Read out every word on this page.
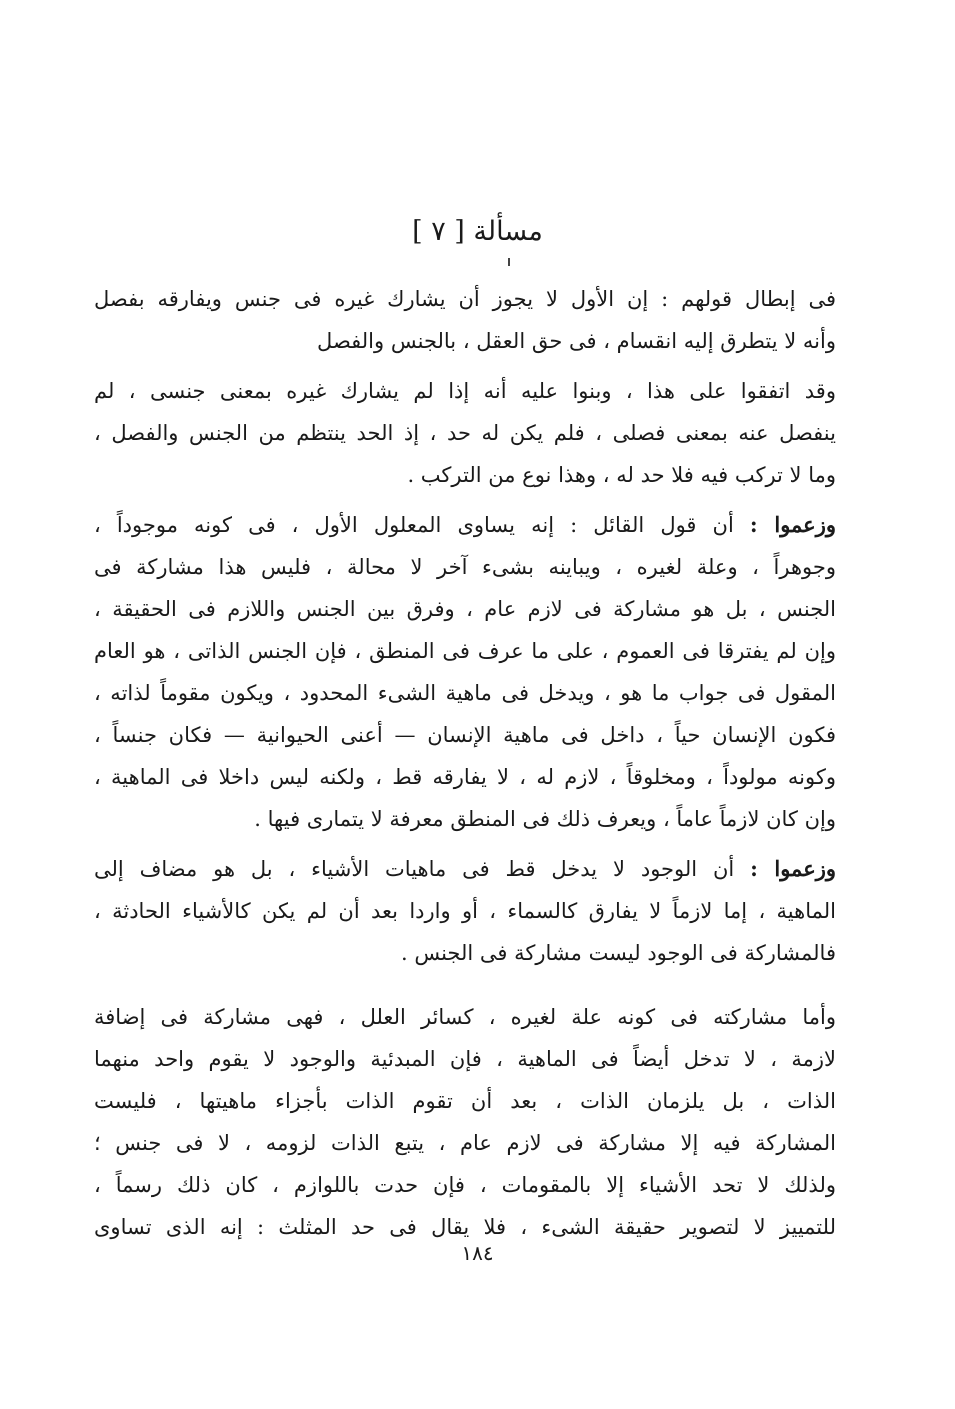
مسألة [ ٧ ]
فى إبطال قولهم : إن الأول لا يجوز أن يشارك غيره فى جنس ويفارقه بفصل
وأنه لا يتطرق إليه انقسام ، فى حق العقل ، بالجنس والفصل
وقد اتفقوا على هذا ، وبنوا عليه أنه إذا لم يشارك غيره بمعنى جنسى ، لم
ينفصل عنه بمعنى فصلى ، فلم يكن له حد ، إذ الحد ينتظم من الجنس والفصل ،
وما لا تركب فيه فلا حد له ، وهذا نوع من التركب .
وزعموا : أن قول القائل : إنه يساوى المعلول الأول ، فى كونه موجوداً ،
وجوهراً ، وعلة لغيره ، ويباينه بشىء آخر لا محالة ، فليس هذا مشاركة فى
الجنس ، بل هو مشاركة فى لازم عام ، وفرق بين الجنس واللازم فى الحقيقة ،
وإن لم يفترقا فى العموم ، على ما عرف فى المنطق ، فإن الجنس الذاتى ، هو العام
المقول فى جواب ما هو ، ويدخل فى ماهية الشىء المحدود ، ويكون مقوماً لذاته ،
فكون الإنسان حياً ، داخل فى ماهية الإنسان — أعنى الحيوانية — فكان جنساً ،
وكونه مولوداً ، ومخلوقاً ، لازم له ، لا يفارقه قط ، ولكنه ليس داخلا فى الماهية ،
وإن كان لازماً عاماً ، ويعرف ذلك فى المنطق معرفة لا يتمارى فيها .
وزعموا : أن الوجود لا يدخل قط فى ماهيات الأشياء ، بل هو مضاف إلى
الماهية ، إما لازماً لا يفارق كالسماء ، أو واردا بعد أن لم يكن كالأشياء الحادثة ،
فالمشاركة فى الوجود ليست مشاركة فى الجنس .
وأما مشاركته فى كونه علة لغيره ، كسائر العلل ، فهى مشاركة فى إضافة
لازمة ، لا تدخل أيضاً فى الماهية ، فإن المبدئية والوجود لا يقوم واحد منهما
الذات ، بل يلزمان الذات ، بعد أن تقوم الذات بأجزاء ماهيتها ، فليست
المشاركة فيه إلا مشاركة فى لازم عام ، يتبع الذات لزومه ، لا فى جنس ؛
ولذلك لا تحد الأشياء إلا بالمقومات ، فإن حدت باللوازم ، كان ذلك رسماً ،
للتمييز لا لتصوير حقيقة الشىء ، فلا يقال فى حد المثلث : إنه الذى تساوى
١٨٤
